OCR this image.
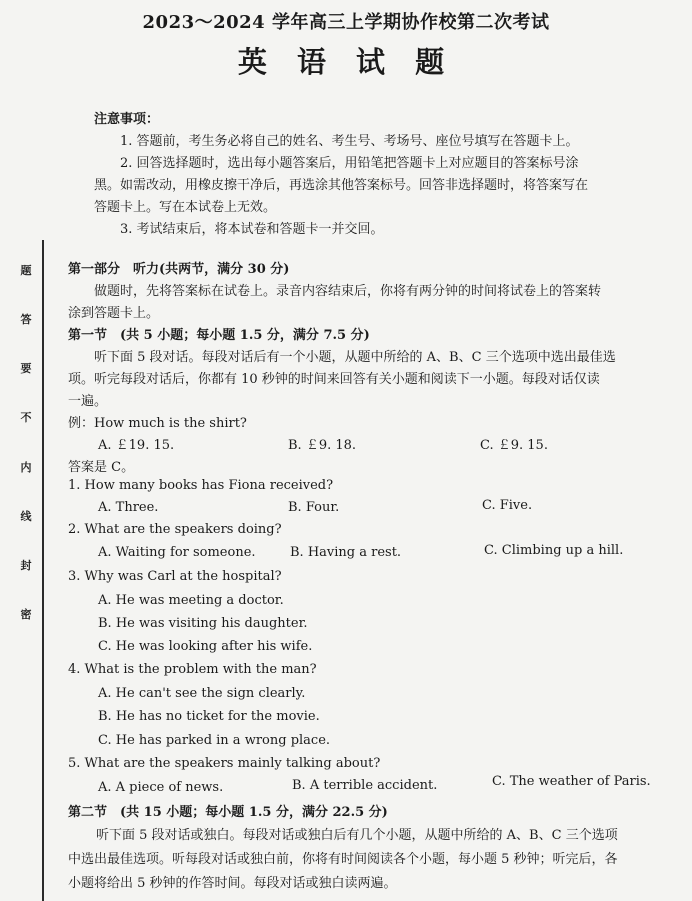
2023～2024 学年高三上学期协作校第二次考试
英 语 试 题
注意事项：
1. 答题前，考生务必将自己的姓名、考生号、考场号、座位号填写在答题卡上。
2. 回答选择题时，选出每小题答案后，用铅笔把答题卡上对应题目的答案标号涂
黑。如需改动，用橡皮擦干净后，再选涂其他答案标号。回答非选择题时，将答案写在
答题卡上。写在本试卷上无效。
3. 考试结束后，将本试卷和答题卡一并交回。
题
答
要
不
内
线
封
密
第一部分　听力(共两节，满分 30 分)
做题时，先将答案标在试卷上。录音内容结束后，你将有两分钟的时间将试卷上的答案转
涂到答题卡上。
第一节　(共 5 小题；每小题 1.5 分，满分 7.5 分)
听下面 5 段对话。每段对话后有一个小题，从题中所给的 A、B、C 三个选项中选出最佳选
项。听完每段对话后，你都有 10 秒钟的时间来回答有关小题和阅读下一小题。每段对话仅读
一遍。
例：How much is the shirt?
A. ￡19. 15.	B. ￡9. 18.	C. ￡9. 15.
答案是 C。
1. How many books has Fiona received?
A. Three.	B. Four.	C. Five.
2. What are the speakers doing?
A. Waiting for someone.	B. Having a rest.	C. Climbing up a hill.
3. Why was Carl at the hospital?
A. He was meeting a doctor.
B. He was visiting his daughter.
C. He was looking after his wife.
4. What is the problem with the man?
A. He can't see the sign clearly.
B. He has no ticket for the movie.
C. He has parked in a wrong place.
5. What are the speakers mainly talking about?
A. A piece of news.	B. A terrible accident.	C. The weather of Paris.
第二节　(共 15 小题；每小题 1.5 分，满分 22.5 分)
听下面 5 段对话或独白。每段对话或独白后有几个小题，从题中所给的 A、B、C 三个选项
中选出最佳选项。听每段对话或独白前，你将有时间阅读各个小题，每小题 5 秒钟；听完后，各
小题将给出 5 秒钟的作答时间。每段对话或独白读两遍。
